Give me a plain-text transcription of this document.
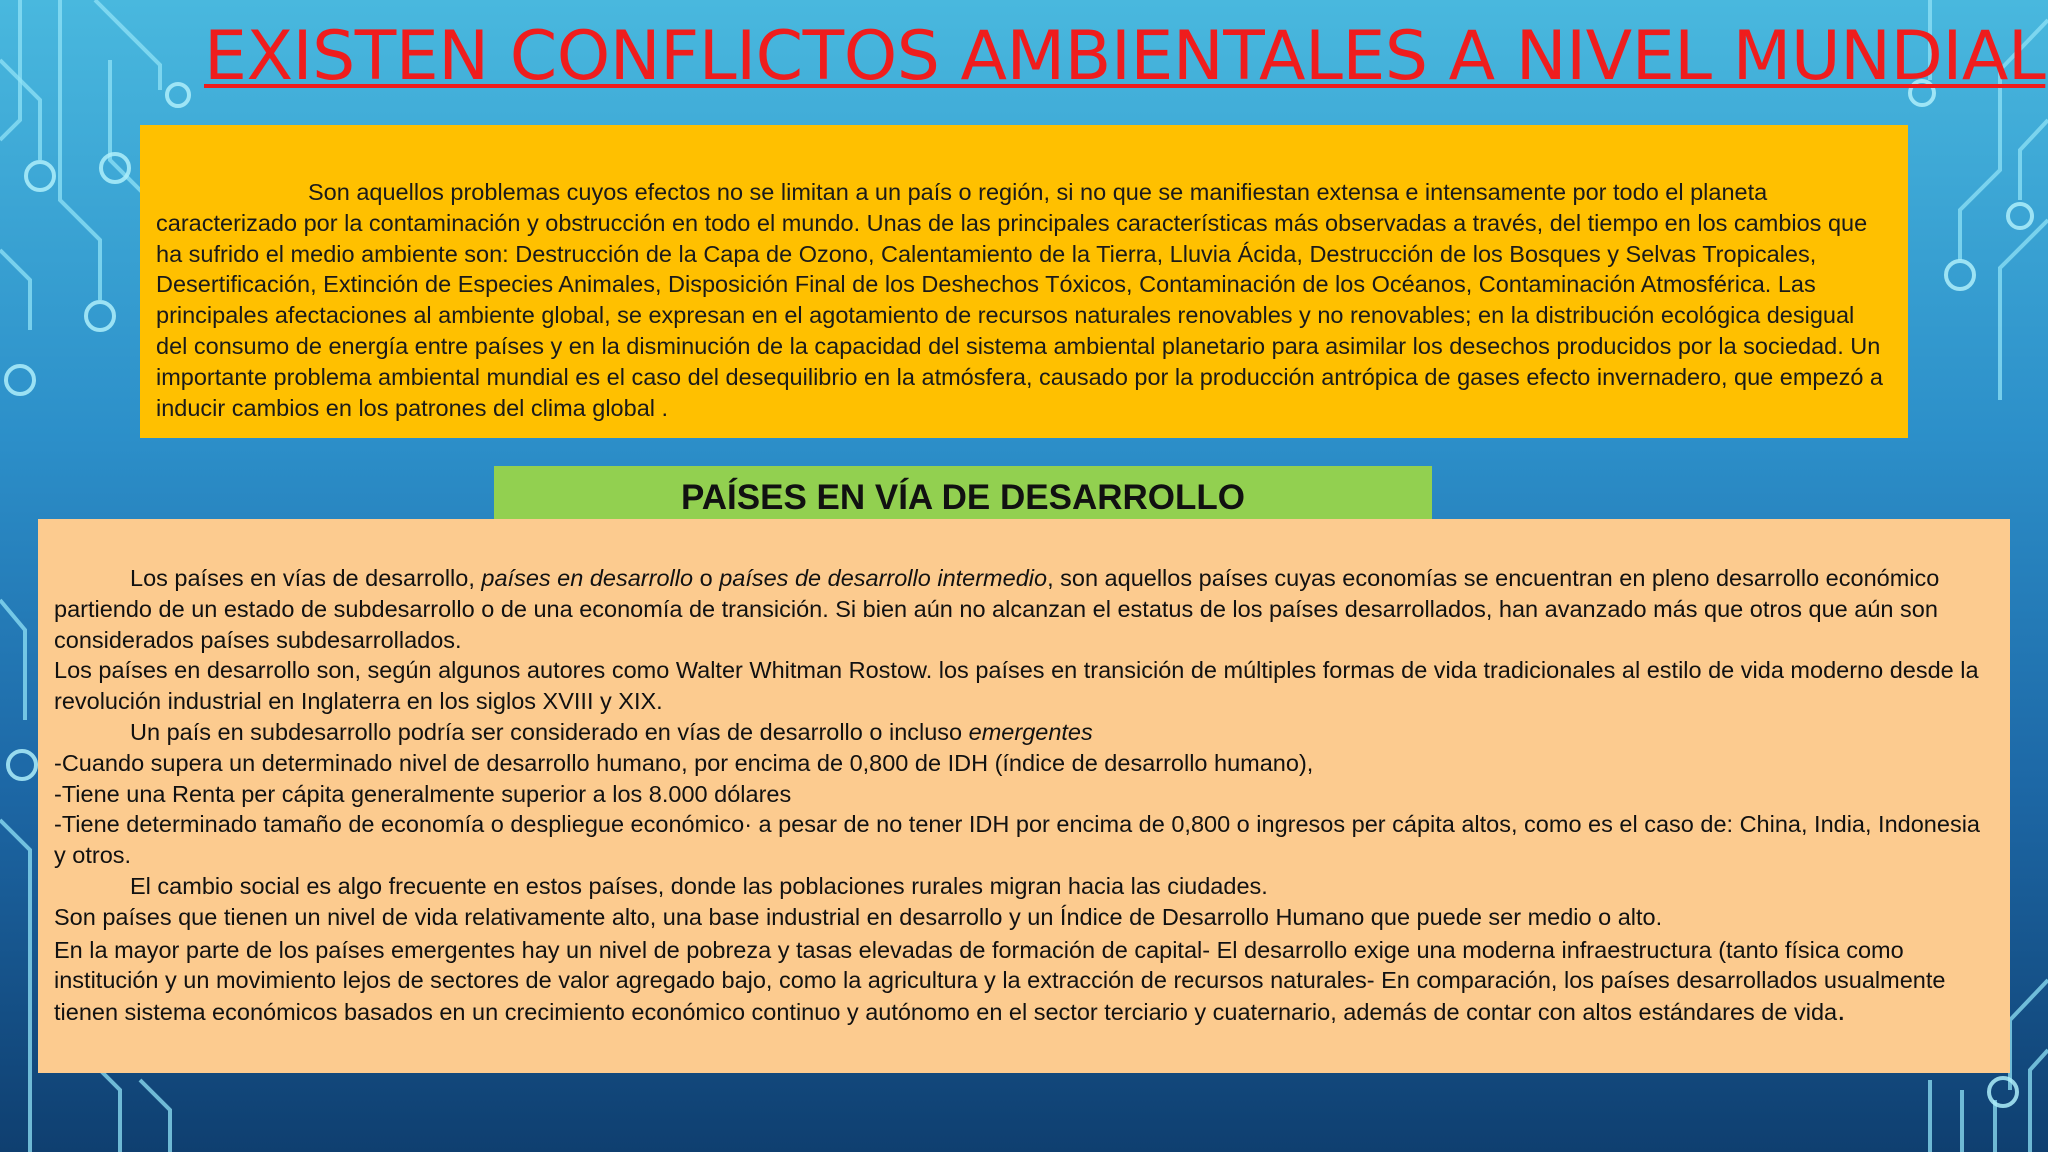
EXISTEN CONFLICTOS AMBIENTALES A NIVEL MUNDIAL

Son aquellos problemas cuyos efectos no se limitan a un país o región, si no que se manifiestan extensa e intensamente por todo el planeta caracterizado por la contaminación y obstrucción en todo el mundo. Unas de las principales características más observadas a través, del tiempo en los cambios que ha sufrido el medio ambiente son: Destrucción de la Capa de Ozono, Calentamiento de la Tierra, Lluvia Ácida, Destrucción de los Bosques y Selvas Tropicales, Desertificación, Extinción de Especies Animales, Disposición Final de los Deshechos Tóxicos, Contaminación de los Océanos, Contaminación Atmosférica. Las principales afectaciones al ambiente global, se expresan en el agotamiento de recursos naturales renovables y no renovables; en la distribución ecológica desigual del consumo de energía entre países y en la disminución de la capacidad del sistema ambiental planetario para asimilar los desechos producidos por la sociedad. Un importante problema ambiental mundial es el caso del desequilibrio en la atmósfera, causado por la producción antrópica de gases efecto invernadero, que empezó a inducir cambios en los patrones del clima global .

PAÍSES EN VÍA DE DESARROLLO

Los países en vías de desarrollo, países en desarrollo o países de desarrollo intermedio, son aquellos países cuyas economías se encuentran en pleno desarrollo económico partiendo de un estado de subdesarrollo o de una economía de transición. Si bien aún no alcanzan el estatus de los países desarrollados, han avanzado más que otros que aún son considerados países subdesarrollados.

Los países en desarrollo son, según algunos autores como Walter Whitman Rostow. los países en transición de múltiples formas de vida tradicionales al estilo de vida moderno desde la revolución industrial en Inglaterra en los siglos XVIII y XIX.

Un país en subdesarrollo podría ser considerado en vías de desarrollo o incluso emergentes

-Cuando supera un determinado nivel de desarrollo humano, por encima de 0,800 de IDH (índice de desarrollo humano),

-Tiene una Renta per cápita generalmente superior a los 8.000 dólares

-Tiene determinado tamaño de economía o despliegue económico· a pesar de no tener IDH por encima de 0,800 o ingresos per cápita altos, como es el caso de: China, India, Indonesia y otros.

El cambio social es algo frecuente en estos países, donde las poblaciones rurales migran hacia las ciudades.

Son países que tienen un nivel de vida relativamente alto, una base industrial en desarrollo y un Índice de Desarrollo Humano que puede ser medio o alto.

En la mayor parte de los países emergentes hay un nivel de pobreza y tasas elevadas de formación de capital- El desarrollo exige una moderna infraestructura (tanto física como institución y un movimiento lejos de sectores de valor agregado bajo, como la agricultura y la extracción de recursos naturales- En comparación, los países desarrollados usualmente tienen sistema económicos basados en un crecimiento económico continuo y autónomo en el sector terciario y cuaternario, además de contar con altos estándares de vida.
